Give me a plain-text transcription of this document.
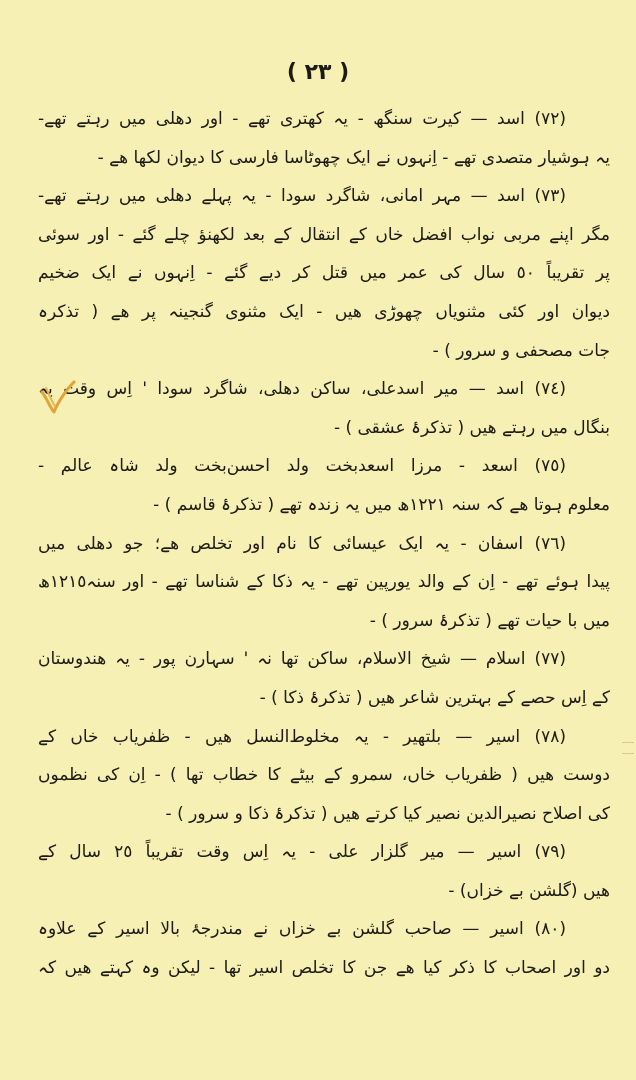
( ٢٣ )
(٧٢) اسد — کیرت سنگھ - یہ کھتری تھے - اور دھلی میں رہتے تھے-
یہ ہوشیار متصدی تھے - اِنہوں نے ایک چھوٹاسا فارسی کا دیوان لکھا ھے -
(٧٣) اسد — مہر امانی، شاگرد سودا - یہ پہلے دھلی میں رہتے تھے-
مگر اپنے مربی نواب افضل خاں کے انتقال کے بعد لکھنؤ چلے گئے - اور سوئی
پر تقریباً ٥٠ سال کی عمر میں قتل کر دیے گئے - اِنہوں نے ایک ضخیم
دیوان اور کئی مثنویاں چھوڑی ھیں - ایک مثنوی گنجینہ پر ھے ( تذکرہ
جات مصحفی و سرور ) -
(٧٤) اسد — میر اسدعلی، ساکن دھلی، شاگرد سودا ' اِس وقت یہ
بنگال میں رہتے ھیں ( تذکرۂ عشقی ) -
(٧٥) اسعد - مرزا اسعدبخت ولد احسن‌بخت ولد شاہ عالم -
معلوم ہوتا ھے کہ سنہ ١٢٢١ھ میں یہ زندہ تھے ( تذکرۂ قاسم ) -
(٧٦) اسفان - یہ ایک عیسائی کا نام اور تخلص ھے؛ جو دھلی میں
پیدا ہوئے تھے - اِن کے والد یورپین تھے - یہ ذکا کے شناسا تھے - اور سنہ١٢١٥ھ
میں با حیات تھے ( تذکرۂ سرور ) -
(٧٧) اسلام — شیخ الاسلام، ساکن تھا نہ ' سہارن پور - یہ ھندوستان
کے اِس حصے کے بہترین شاعر ھیں ( تذکرۂ ذکا ) -
(٧٨) اسیر — بلتھیر - یہ مخلوط‌النسل ھیں - ظفریاب خاں کے
دوست ھیں ( ظفریاب خاں، سمرو کے بیٹے کا خطاب تھا ) - اِن کی نظموں
کی اصلاح نصیرالدین نصیر کیا کرتے ھیں ( تذکرۂ ذکا و سرور ) -
(٧٩) اسیر — میر گلزار علی - یہ اِس وقت تقریباً ٢٥ سال کے
ھیں (گلشن بے خزاں) -
(٨٠) اسیر — صاحب گلشن بے خزاں نے مندرجۂ بالا اسیر کے علاوہ
دو اور اصحاب کا ذکر کیا ھے جن کا تخلص اسیر تھا - لیکن وہ کہتے ھیں کہ
